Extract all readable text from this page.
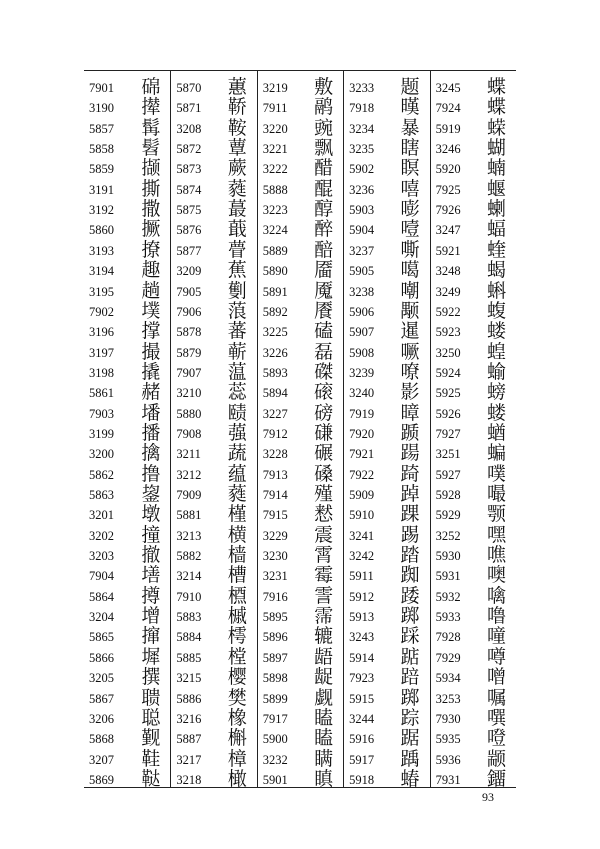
7901 䃇
3190 撵
5857 髯
5858 髫
5859 撷
3191 撕
3192 撒
5860 撅
3193 撩
3194 趣
3195 趟
7902 墣
3196 撑
3197 撮
3198 撬
5861 赭
7903 墦
3199 播
3200 擒
5862 撸
5863 鋆
3201 墩
3202 撞
3203 撤
7904 墡
5864 撙
3204 增
5865 撺
5866 墀
3205 撰
5867 聩
3206 聪
5868 觐
3207 鞋
5869 鞑
5870 蕙
5871 鞒
3208 鞍
5872 蕈
5873 蕨
5874 蕤
5875 蕞
5876 蕺
5877 瞢
3209 蕉
7905 劐
7906 蒗
5878 蕃
5879 蕲
7907 蕰
3210 蕊
5880 赜
7908 蔃
3211 蔬
3212 蕴
7909 蕤
5881 槿
3213 横
5882 樯
3214 槽
7910 槱
5883 槭
5884 樗
5885 樘
3215 樱
5886 樊
3216 橡
5887 槲
3217 樟
3218 橄
3219 敷
7911 鹝
3220 豌
3221 飘
3222 醋
5888 醌
3223 醇
3224 醉
5889 醅
5890 靥
5891 魇
5892 餍
3225 磕
3226 磊
5893 磔
5894 磙
3227 磅
7912 磏
3228 碾
7913 磉
7914 殣
7915 慭
3229 震
3230 霄
3231 霉
7916 霅
5895 霈
5896 辘
5897 龉
5898 龊
5899 觑
7917 瞌
5900 瞌
3232 瞒
5901 瞋
3233 题
7918 暵
3234 暴
3235 瞎
5902 瞑
3236 嘻
5903 嘭
5904 噎
3237 嘶
5905 噶
3238 嘲
5906 颙
5907 暹
5908 噘
3239 嘹
3240 影
7919 暲
7920 踬
7921 踼
7922 踦
5909 踔
5910 踝
3241 踢
3242 踏
5911 踟
5912 踒
5913 踯
3243 踩
5914 踮
7923 踣
5915 踯
3244 踪
5916 踞
5917 踽
5918 蝽
3245 蝶
7924 蝶
5919 蝾
3246 蝴
5920 蝻
7925 蝘
7926 蝲
3247 蝠
5921 蝰
3248 蝎
3249 蝌
5922 蝮
5923 蝼
3250 蝗
5924 蝓
5925 螃
5926 蝼
7927 蝤
3251 蝙
5927 噗
5928 嘬
5929 颚
3252 嘿
5930 噍
5931 噢
5932 噙
5933 噜
7928 噇
7929 噂
5934 噌
3253 嘱
7930 噀
5935 噔
5936 颛
7931 鐂
93
